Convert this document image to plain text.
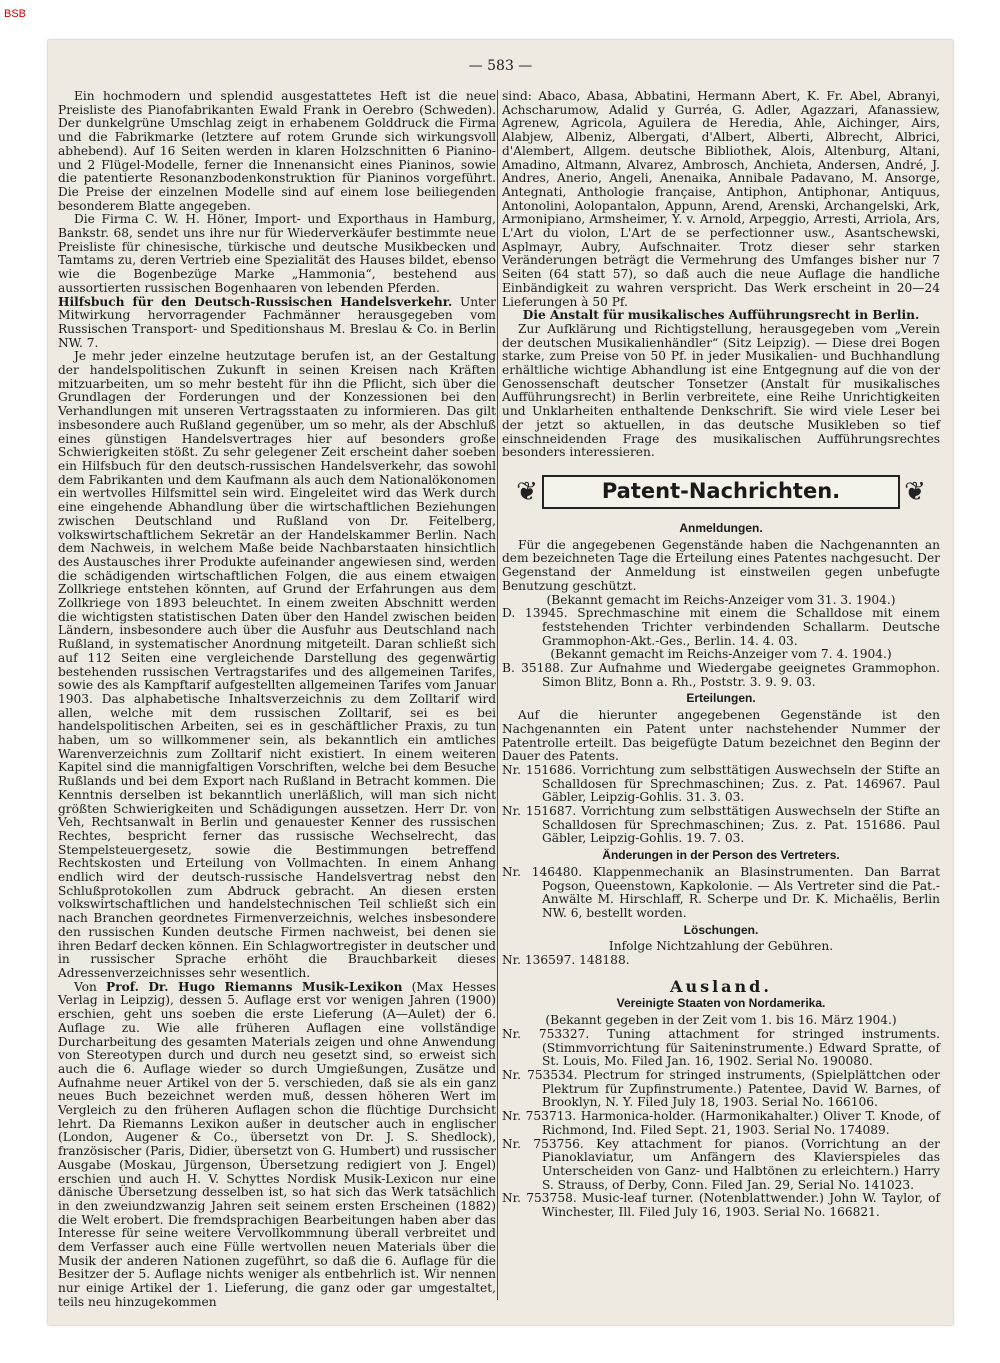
BSB
— 583 —

Ein hochmodern und splendid ausgestattetes Heft ist die neue Preisliste des Pianofabrikanten Ewald Frank in Oerebro (Schweden). Der dunkelgrüne Umschlag zeigt in erhabenem Golddruck die Firma und die Fabrikmarke (letztere auf rotem Grunde sich wirkungsvoll abhebend). Auf 16 Seiten werden in klaren Holzschnitten 6 Pianino- und 2 Flügel-Modelle, ferner die Innenansicht eines Pianinos, sowie die patentierte Resonanzbodenkonstruktion für Pianinos vorgeführt. Die Preise der einzelnen Modelle sind auf einem lose beiliegenden besonderem Blatte angegeben.

Die Firma C. W. H. Höner, Import- und Exporthaus in Hamburg, Bankstr. 68, sendet uns ihre nur für Wiederverkäufer bestimmte neue Preisliste für chinesische, türkische und deutsche Musikbecken und Tamtams zu, deren Vertrieb eine Spezialität des Hauses bildet, ebenso wie die Bogenbezüge Marke „Hammonia“, bestehend aus aussortierten russischen Bogenhaaren von lebenden Pferden.

Hilfsbuch für den Deutsch-Russischen Handelsverkehr. Unter Mitwirkung hervorragender Fachmänner herausgegeben vom Russischen Transport- und Speditionshaus M. Breslau & Co. in Berlin NW. 7.

Je mehr jeder einzelne heutzutage berufen ist, an der Gestaltung der handelspolitischen Zukunft in seinen Kreisen nach Kräften mitzuarbeiten, um so mehr besteht für ihn die Pflicht, sich über die Grundlagen der Forderungen und der Konzessionen bei den Verhandlungen mit unseren Vertragsstaaten zu informieren. Das gilt insbesondere auch Rußland gegenüber, um so mehr, als der Abschluß eines günstigen Handelsvertrages hier auf besonders große Schwierigkeiten stößt. Zu sehr gelegener Zeit erscheint daher soeben ein Hilfsbuch für den deutsch-russischen Handelsverkehr, das sowohl dem Fabrikanten und dem Kaufmann als auch dem Nationalökonomen ein wertvolles Hilfsmittel sein wird. Eingeleitet wird das Werk durch eine eingehende Abhandlung über die wirtschaftlichen Beziehungen zwischen Deutschland und Rußland von Dr. Feitelberg, volkswirtschaftlichem Sekretär an der Handelskammer Berlin. Nach dem Nachweis, in welchem Maße beide Nachbarstaaten hinsichtlich des Austausches ihrer Produkte aufeinander angewiesen sind, werden die schädigenden wirtschaftlichen Folgen, die aus einem etwaigen Zollkriege entstehen könnten, auf Grund der Erfahrungen aus dem Zollkriege von 1893 beleuchtet. In einem zweiten Abschnitt werden die wichtigsten statistischen Daten über den Handel zwischen beiden Ländern, insbesondere auch über die Ausfuhr aus Deutschland nach Rußland, in systematischer Anordnung mitgeteilt. Daran schließt sich auf 112 Seiten eine vergleichende Darstellung des gegenwärtig bestehenden russischen Vertragstarifes und des allgemeinen Tarifes, sowie des als Kampftarif aufgestellten allgemeinen Tarifes vom Januar 1903. Das alphabetische Inhaltsverzeichnis zu dem Zolltarif wird allen, welche mit dem russischen Zolltarif, sei es bei handelspolitischen Arbeiten, sei es in geschäftlicher Praxis, zu tun haben, um so willkommener sein, als bekanntlich ein amtliches Warenverzeichnis zum Zolltarif nicht existiert. In einem weiteren Kapitel sind die mannigfaltigen Vorschriften, welche bei dem Besuche Rußlands und bei dem Export nach Rußland in Betracht kommen. Die Kenntnis derselben ist bekanntlich unerläßlich, will man sich nicht größten Schwierigkeiten und Schädigungen aussetzen. Herr Dr. von Veh, Rechtsanwalt in Berlin und genauester Kenner des russischen Rechtes, bespricht ferner das russische Wechselrecht, das Stempelsteuergesetz, sowie die Bestimmungen betreffend Rechtskosten und Erteilung von Vollmachten. In einem Anhang endlich wird der deutsch-russische Handelsvertrag nebst den Schlußprotokollen zum Abdruck gebracht. An diesen ersten volkswirtschaftlichen und handelstechnischen Teil schließt sich ein nach Branchen geordnetes Firmenverzeichnis, welches insbesondere den russischen Kunden deutsche Firmen nachweist, bei denen sie ihren Bedarf decken können. Ein Schlagwortregister in deutscher und in russischer Sprache erhöht die Brauchbarkeit dieses Adressenverzeichnisses sehr wesentlich.

Von Prof. Dr. Hugo Riemanns Musik-Lexikon (Max Hesses Verlag in Leipzig), dessen 5. Auflage erst vor wenigen Jahren (1900) erschien, geht uns soeben die erste Lieferung (A—Aulet) der 6. Auflage zu. Wie alle früheren Auflagen eine vollständige Durcharbeitung des gesamten Materials zeigen und ohne Anwendung von Stereotypen durch und durch neu gesetzt sind, so erweist sich auch die 6. Auflage wieder so durch Umgießungen, Zusätze und Aufnahme neuer Artikel von der 5. verschieden, daß sie als ein ganz neues Buch bezeichnet werden muß, dessen höheren Wert im Vergleich zu den früheren Auflagen schon die flüchtige Durchsicht lehrt. Da Riemanns Lexikon außer in deutscher auch in englischer (London, Augener & Co., übersetzt von Dr. J. S. Shedlock), französischer (Paris, Didier, übersetzt von G. Humbert) und russischer Ausgabe (Moskau, Jürgenson, Übersetzung redigiert von J. Engel) erschien und auch H. V. Schyttes Nordisk Musik-Lexicon nur eine dänische Übersetzung desselben ist, so hat sich das Werk tatsächlich in den zweiundzwanzig Jahren seit seinem ersten Erscheinen (1882) die Welt erobert. Die fremdsprachigen Bearbeitungen haben aber das Interesse für seine weitere Vervollkommnung überall verbreitet und dem Verfasser auch eine Fülle wertvollen neuen Materials über die Musik der anderen Nationen zugeführt, so daß die 6. Auflage für die Besitzer der 5. Auflage nichts weniger als entbehrlich ist. Wir nennen nur einige Artikel der 1. Lieferung, die ganz oder gar umgestaltet, teils neu hinzugekommen

sind: Abaco, Abasa, Abbatini, Hermann Abert, K. Fr. Abel, Abranyi, Achscharumow, Adalid y Gurréa, G. Adler, Agazzari, Afanassiew, Agrenew, Agricola, Aguilera de Heredia, Ahle, Aichinger, Airs, Alabjew, Albeniz, Albergati, d'Albert, Alberti, Albrecht, Albrici, d'Alembert, Allgem. deutsche Bibliothek, Alois, Altenburg, Altani, Amadino, Altmann, Alvarez, Ambrosch, Anchieta, Andersen, André, J. Andres, Anerio, Angeli, Anenaika, Annibale Padavano, M. Ansorge, Antegnati, Anthologie française, Antiphon, Antiphonar, Antiquus, Antonolini, Aolopantalon, Appunn, Arend, Arenski, Archangelski, Ark, Armonipiano, Armsheimer, Y. v. Arnold, Arpeggio, Arresti, Arriola, Ars, L'Art du violon, L'Art de se perfectionner usw., Asantschewski, Asplmayr, Aubry, Aufschnaiter. Trotz dieser sehr starken Veränderungen beträgt die Vermehrung des Umfanges bisher nur 7 Seiten (64 statt 57), so daß auch die neue Auflage die handliche Einbändigkeit zu wahren verspricht. Das Werk erscheint in 20—24 Lieferungen à 50 Pf.

Die Anstalt für musikalisches Aufführungsrecht in Berlin.

Zur Aufklärung und Richtigstellung, herausgegeben vom „Verein der deutschen Musikalienhändler“ (Sitz Leipzig). — Diese drei Bogen starke, zum Preise von 50 Pf. in jeder Musikalien- und Buchhandlung erhältliche wichtige Abhandlung ist eine Entgegnung auf die von der Genossenschaft deutscher Tonsetzer (Anstalt für musikalisches Aufführungsrecht) in Berlin verbreitete, eine Reihe Unrichtigkeiten und Unklarheiten enthaltende Denkschrift. Sie wird viele Leser bei der jetzt so aktuellen, in das deutsche Musikleben so tief einschneidenden Frage des musikalischen Aufführungsrechtes besonders interessieren.

❦	Patent-Nachrichten.	❦
Anmeldungen.

Für die angegebenen Gegenstände haben die Nachgenannten an dem bezeichneten Tage die Erteilung eines Patentes nachgesucht. Der Gegenstand der Anmeldung ist einstweilen gegen unbefugte Benutzung geschützt.

(Bekannt gemacht im Reichs-Anzeiger vom 31. 3. 1904.)

D. 13945. Sprechmaschine mit einem die Schalldose mit einem feststehenden Trichter verbindenden Schallarm. Deutsche Grammophon-Akt.-Ges., Berlin. 14. 4. 03.

(Bekannt gemacht im Reichs-Anzeiger vom 7. 4. 1904.)

B. 35188. Zur Aufnahme und Wiedergabe geeignetes Grammophon. Simon Blitz, Bonn a. Rh., Poststr. 3. 9. 9. 03.

Erteilungen.

Auf die hierunter angegebenen Gegenstände ist den Nachgenannten ein Patent unter nachstehender Nummer der Patentrolle erteilt. Das beigefügte Datum bezeichnet den Beginn der Dauer des Patents.

Nr. 151686. Vorrichtung zum selbsttätigen Auswechseln der Stifte an Schalldosen für Sprechmaschinen; Zus. z. Pat. 146967. Paul Gäbler, Leipzig-Gohlis. 31. 3. 03.

Nr. 151687. Vorrichtung zum selbsttätigen Auswechseln der Stifte an Schalldosen für Sprechmaschinen; Zus. z. Pat. 151686. Paul Gäbler, Leipzig-Gohlis. 19. 7. 03.

Änderungen in der Person des Vertreters.

Nr. 146480. Klappenmechanik an Blasinstrumenten. Dan Barrat Pogson, Queenstown, Kapkolonie. — Als Vertreter sind die Pat.-Anwälte M. Hirschlaff, R. Scherpe und Dr. K. Michaëlis, Berlin NW. 6, bestellt worden.

Löschungen.

Infolge Nichtzahlung der Gebühren.

Nr. 136597. 148188.

Ausland.
Vereinigte Staaten von Nordamerika.

(Bekannt gegeben in der Zeit vom 1. bis 16. März 1904.)

Nr. 753327. Tuning attachment for stringed instruments. (Stimmvorrichtung für Saiteninstrumente.) Edward Spratte, of St. Louis, Mo. Filed Jan. 16, 1902. Serial No. 190080.

Nr. 753534. Plectrum for stringed instruments, (Spielplättchen oder Plektrum für Zupfinstrumente.) Patentee, David W. Barnes, of Brooklyn, N. Y. Filed July 18, 1903. Serial No. 166106.

Nr. 753713. Harmonica-holder. (Harmonikahalter.) Oliver T. Knode, of Richmond, Ind. Filed Sept. 21, 1903. Serial No. 174089.

Nr. 753756. Key attachment for pianos. (Vorrichtung an der Pianoklaviatur, um Anfängern des Klavierspieles das Unterscheiden von Ganz- und Halbtönen zu erleichtern.) Harry S. Strauss, of Derby, Conn. Filed Jan. 29, Serial No. 141023.

Nr. 753758. Music-leaf turner. (Notenblattwender.) John W. Taylor, of Winchester, Ill. Filed July 16, 1903. Serial No. 166821.
